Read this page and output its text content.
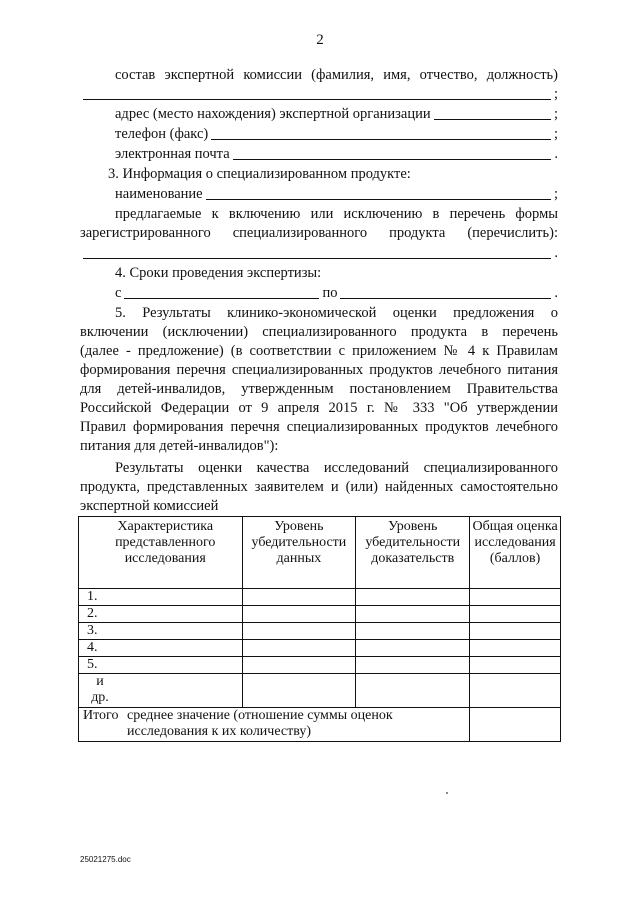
2
состав экспертной комиссии (фамилия, имя, отчество, должность)
;
адрес (место нахождения) экспертной организации	;
телефон (факс)	;
электронная почта	.
3. Информация о специализированном продукте:
наименование	;
предлагаемые к включению или исключению в перечень формы
зарегистрированного специализированного продукта (перечислить):
.
4. Сроки проведения экспертизы:
с	по	.
5. Результаты клинико-экономической оценки предложения о
включении (исключении) специализированного продукта в перечень
(далее - предложение) (в соответствии с приложением № 4 к Правилам
формирования перечня специализированных продуктов лечебного питания
для детей-инвалидов, утвержденным постановлением Правительства
Российской Федерации от 9 апреля 2015 г. № 333 "Об утверждении
Правил формирования перечня специализированных продуктов лечебного
питания для детей-инвалидов"):
Результаты оценки качества исследований специализированного
продукта, представленных заявителем и (или) найденных самостоятельно
экспертной комиссией
Характеристика представленного исследования	Уровень убедительности данных	Уровень убедительности доказательств	Общая оценка исследования (баллов)
1.			
2.			
3.			
4.			
5.			

и др.			

Итого среднее значение (отношение суммы оценок исследования к их количеству)			

25021275.doc
